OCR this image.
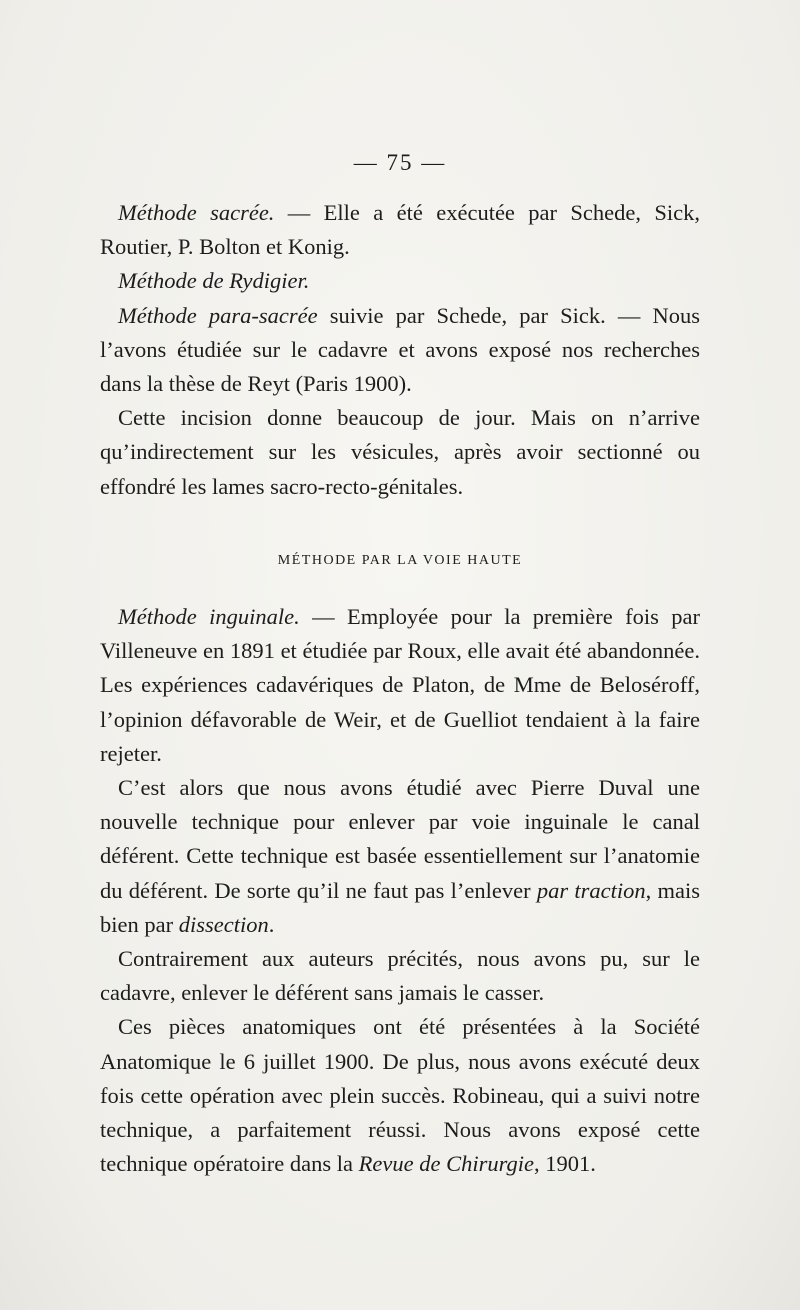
— 75 —

Méthode sacrée. — Elle a été exécutée par Schede, Sick, Routier, P. Bolton et Konig.

Méthode de Rydigier.

Méthode para-sacrée suivie par Schede, par Sick. — Nous l’avons étudiée sur le cadavre et avons exposé nos recherches dans la thèse de Reyt (Paris 1900).

Cette incision donne beaucoup de jour. Mais on n’arrive qu’indirectement sur les vésicules, après avoir sectionné ou effondré les lames sacro-recto-génitales.

MÉTHODE PAR LA VOIE HAUTE

Méthode inguinale. — Employée pour la première fois par Villeneuve en 1891 et étudiée par Roux, elle avait été abandonnée. Les expériences cadavériques de Platon, de Mme de Beloséroff, l’opinion défavorable de Weir, et de Guelliot tendaient à la faire rejeter.

C’est alors que nous avons étudié avec Pierre Duval une nouvelle technique pour enlever par voie inguinale le canal déférent. Cette technique est basée essentiellement sur l’anatomie du déférent. De sorte qu’il ne faut pas l’enlever par traction, mais bien par dissection.

Contrairement aux auteurs précités, nous avons pu, sur le cadavre, enlever le déférent sans jamais le casser.

Ces pièces anatomiques ont été présentées à la Société Anatomique le 6 juillet 1900. De plus, nous avons exécuté deux fois cette opération avec plein succès. Robineau, qui a suivi notre technique, a parfaitement réussi. Nous avons exposé cette technique opératoire dans la Revue de Chirurgie, 1901.
